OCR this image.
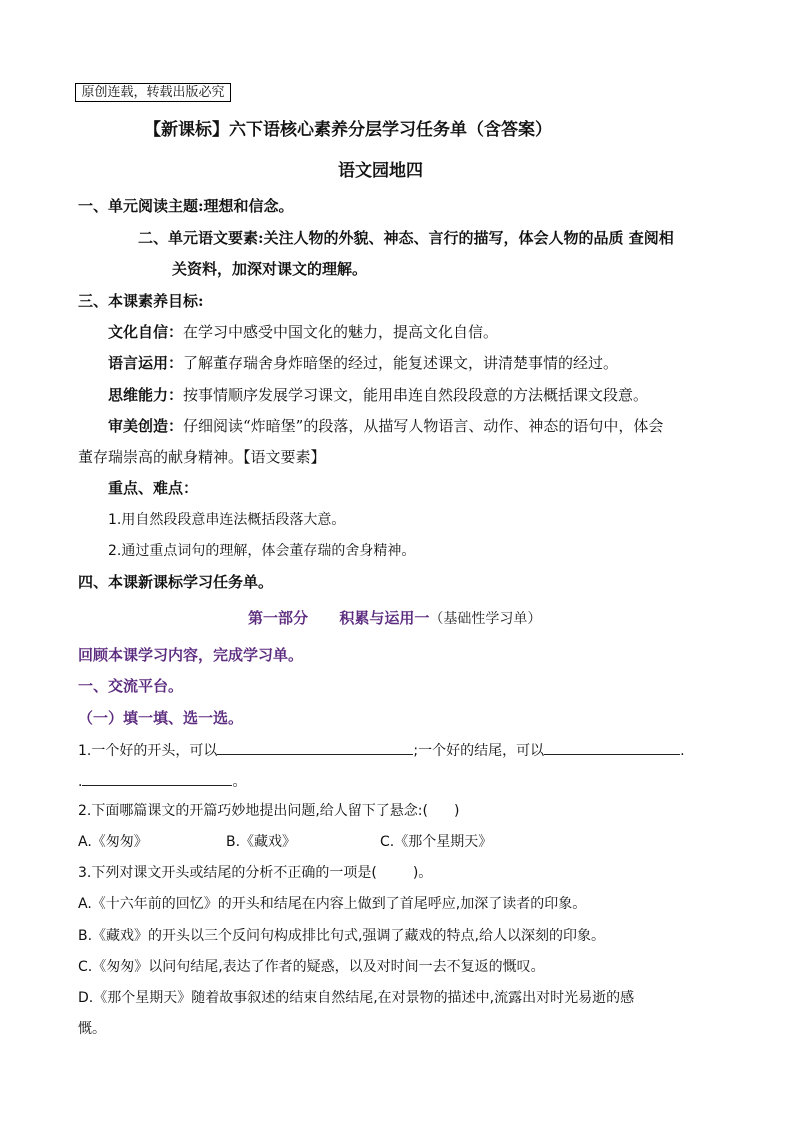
原创连载，转载出版必究
【新课标】六下语核心素养分层学习任务单（含答案）
语文园地四
一、单元阅读主题:理想和信念。
二、单元语文要素:关注人物的外貌、神态、言行的描写，体会人物的品质 查阅相
关资料，加深对课文的理解。
三、本课素养目标:
文化自信：在学习中感受中国文化的魅力，提高文化自信。
语言运用：了解董存瑞舍身炸暗堡的经过，能复述课文，讲清楚事情的经过。
思维能力：按事情顺序发展学习课文，能用串连自然段段意的方法概括课文段意。
审美创造：仔细阅读“炸暗堡”的段落，从描写人物语言、动作、神态的语句中，体会
董存瑞崇高的献身精神。【语文要素】
重点、难点：
1.用自然段段意串连法概括段落大意。
2.通过重点词句的理解，体会董存瑞的舍身精神。
四、本课新课标学习任务单。
第一部分      积累与运用一（基础性学习单）
回顾本课学习内容，完成学习单。
一、交流平台。
（一）填一填、选一选。
1.一个好的开头，可以	;一个好的结尾，可以	.
.	。
2.下面哪篇课文的开篇巧妙地提出问题,给人留下了悬念:( )
A.《匆匆》	B.《藏戏》	C.《那个星期天》
3.下列对课文开头或结尾的分析不正确的一项是(	)。
A.《十六年前的回忆》的开头和结尾在内容上做到了首尾呼应,加深了读者的印象。
B.《藏戏》的开头以三个反问句构成排比句式,强调了藏戏的特点,给人以深刻的印象。
C.《匆匆》以问句结尾,表达了作者的疑惑，以及对时间一去不复返的慨叹。
D.《那个星期天》随着故事叙述的结束自然结尾,在对景物的描述中,流露出对时光易逝的感
慨。
